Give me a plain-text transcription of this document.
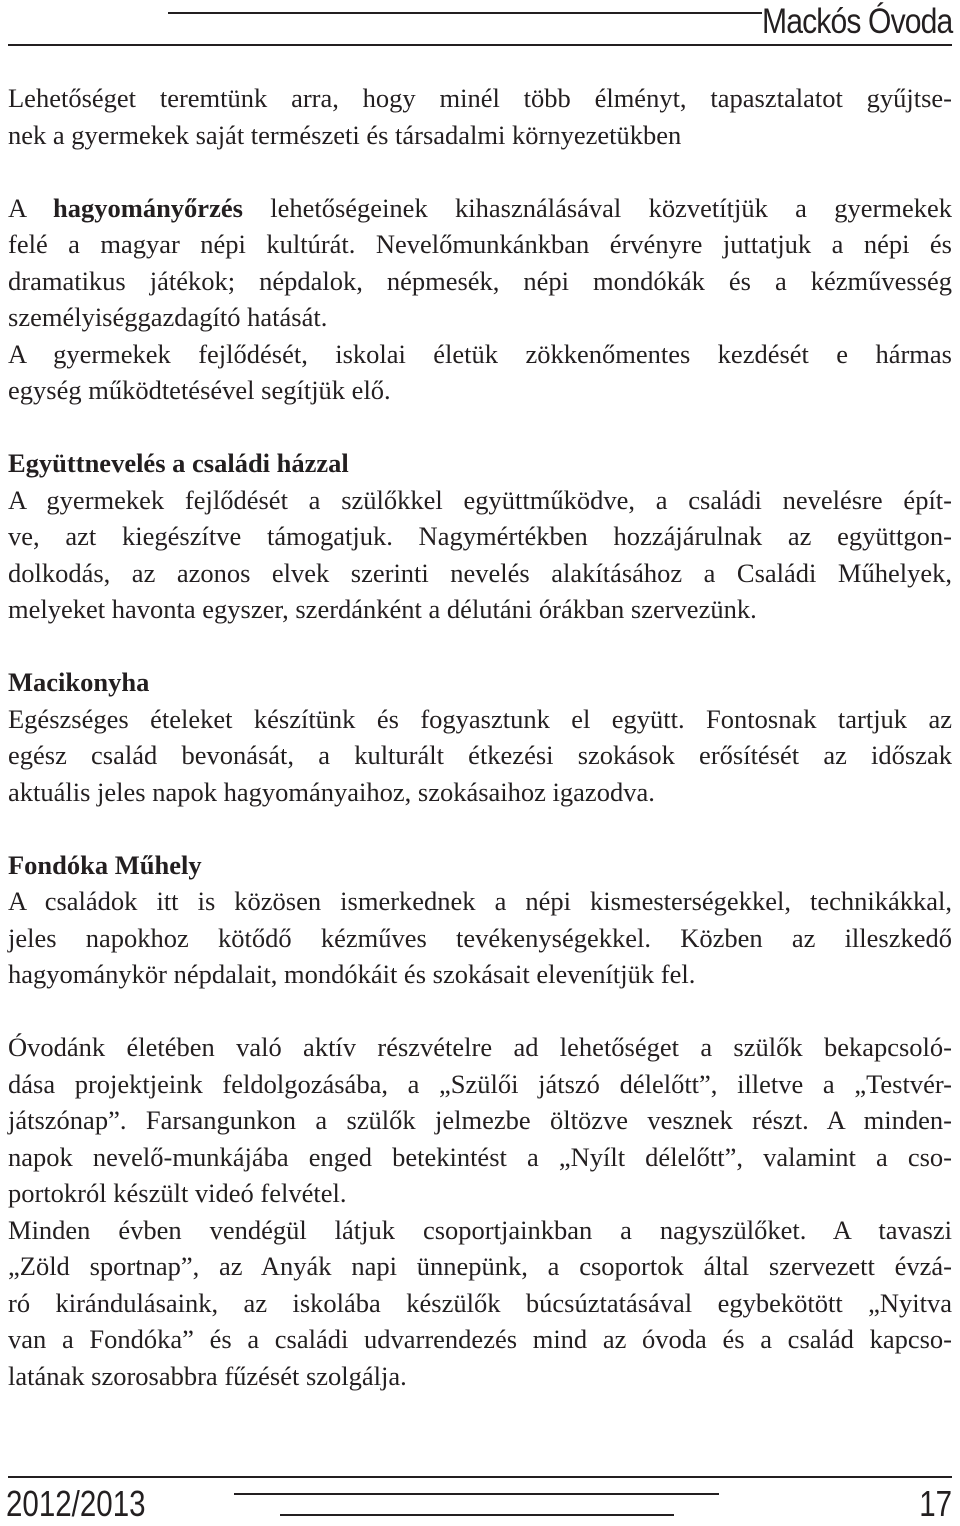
Mackós Óvoda
Lehetőséget teremtünk arra, hogy minél több élményt, tapasztalatot gyűjtse-
nek a gyermekek saját természeti és társadalmi környezetükben
A hagyományőrzés lehetőségeinek kihasználásával közvetítjük a gyermekek
felé a magyar népi kultúrát. Nevelőmunkánkban érvényre juttatjuk a népi és
dramatikus játékok; népdalok, népmesék, népi mondókák és a kézművesség
személyiséggazdagító hatását.
A gyermekek fejlődését, iskolai életük zökkenőmentes kezdését e hármas
egység működtetésével segítjük elő.
Együttnevelés a családi házzal
A gyermekek fejlődését a szülőkkel együttműködve, a családi nevelésre épít-
ve, azt kiegészítve támogatjuk. Nagymértékben hozzájárulnak az együttgon-
dolkodás, az azonos elvek szerinti nevelés alakításához a Családi Műhelyek,
melyeket havonta egyszer, szerdánként a délutáni órákban szervezünk.
Macikonyha
Egészséges ételeket készítünk és fogyasztunk el együtt. Fontosnak tartjuk az
egész család bevonását, a kulturált étkezési szokások erősítését az időszak
aktuális jeles napok hagyományaihoz, szokásaihoz igazodva.
Fondóka Műhely
A családok itt is közösen ismerkednek a népi kismesterségekkel, technikákkal,
jeles napokhoz kötődő kézműves tevékenységekkel. Közben az illeszkedő
hagyománykör népdalait, mondókáit és szokásait elevenítjük fel.
Óvodánk életében való aktív részvételre ad lehetőséget a szülők bekapcsoló-
dása projektjeink feldolgozásába, a „Szülői játszó délelőtt”, illetve a „Testvér-
játszónap”. Farsangunkon a szülők jelmezbe öltözve vesznek részt. A minden-
napok nevelő-munkájába enged betekintést a „Nyílt délelőtt”, valamint a cso-
portokról készült videó felvétel.
Minden évben vendégül látjuk csoportjainkban a nagyszülőket. A tavaszi
„Zöld sportnap”, az Anyák napi ünnepünk, a csoportok által szervezett évzá-
ró kirándulásaink, az iskolába készülők búcsúztatásával egybekötött „Nyitva
van a Fondóka” és a családi udvarrendezés mind az óvoda és a család kapcso-
latának szorosabbra fűzését szolgálja.
2012/2013	17
